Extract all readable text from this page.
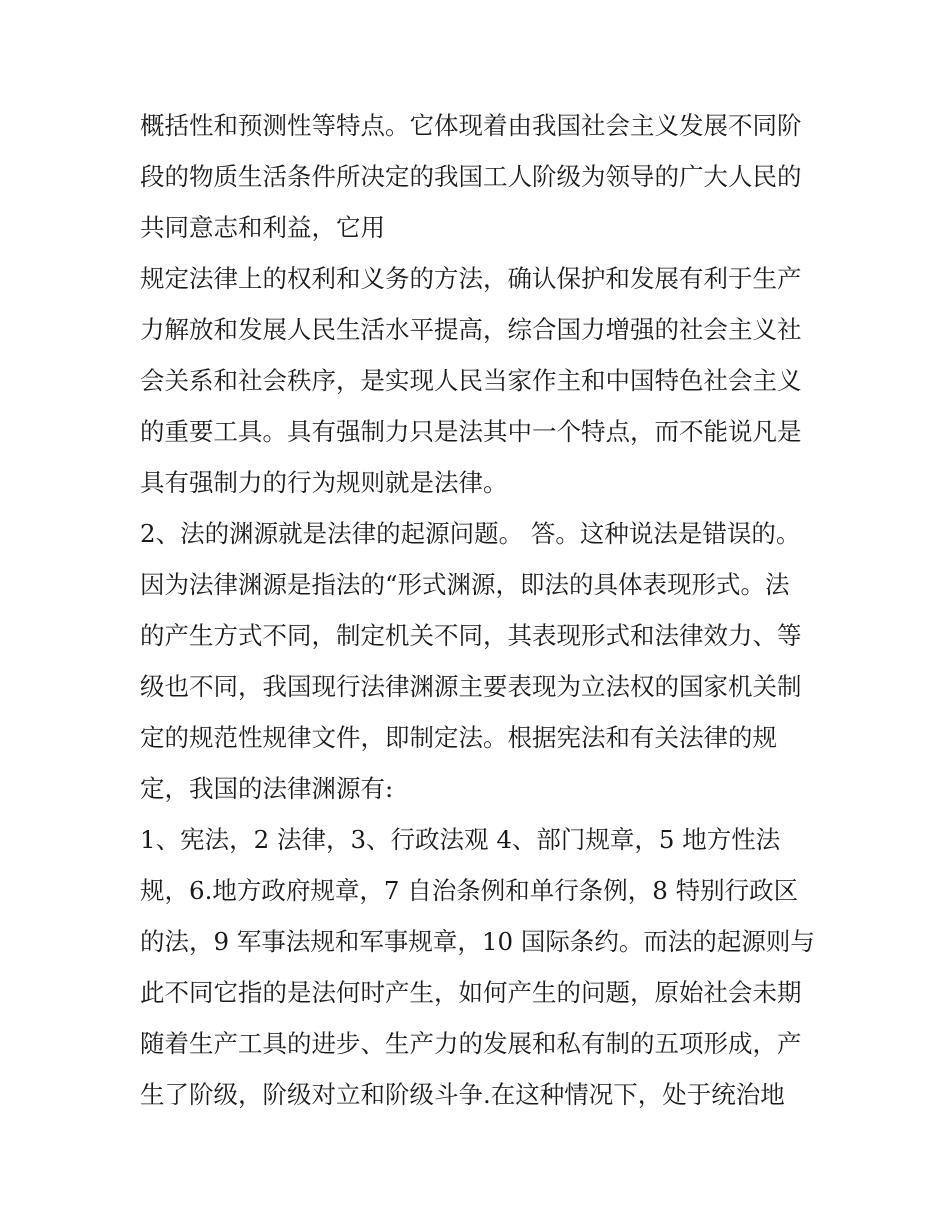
概括性和预测性等特点。它体现着由我国社会主义发展不同阶
段的物质生活条件所决定的我国工人阶级为领导的广大人民的
共同意志和利益，它用
规定法律上的权利和义务的方法，确认保护和发展有利于生产
力解放和发展人民生活水平提高，综合国力增强的社会主义社
会关系和社会秩序，是实现人民当家作主和中国特色社会主义
的重要工具。具有强制力只是法其中一个特点，而不能说凡是
具有强制力的行为规则就是法律。
2、法的渊源就是法律的起源问题。 答。这种说法是错误的。
因为法律渊源是指法的“形式渊源，即法的具体表现形式。法
的产生方式不同，制定机关不同，其表现形式和法律效力、等
级也不同，我国现行法律渊源主要表现为立法权的国家机关制
定的规范性规律文件，即制定法。根据宪法和有关法律的规
定，我国的法律渊源有:
1、宪法，2 法律，3、行政法观 4、部门规章，5 地方性法
规，6.地方政府规章，7 自治条例和单行条例，8 特别行政区
的法，9 军事法规和军事规章，10 国际条约。而法的起源则与
此不同它指的是法何时产生，如何产生的问题，原始社会未期
随着生产工具的进步、生产力的发展和私有制的五项形成，产
生了阶级，阶级对立和阶级斗争.在这种情况下，处于统治地
